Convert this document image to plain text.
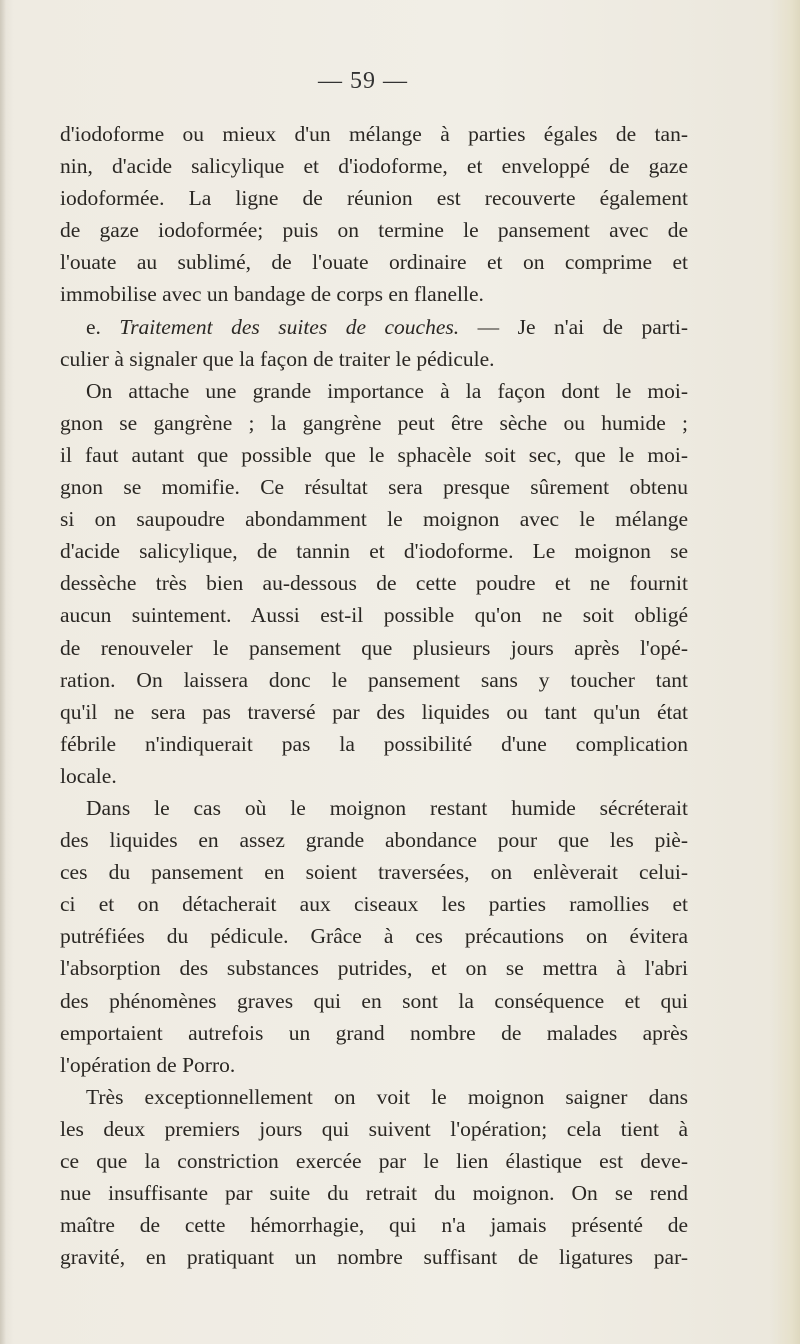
— 59 —
d'iodoforme ou mieux d'un mélange à parties égales de tan-
nin, d'acide salicylique et d'iodoforme, et enveloppé de gaze
iodoformée. La ligne de réunion est recouverte également
de gaze iodoformée; puis on termine le pansement avec de
l'ouate au sublimé, de l'ouate ordinaire et on comprime et
immobilise avec un bandage de corps en flanelle.
e. Traitement des suites de couches. — Je n'ai de parti-
culier à signaler que la façon de traiter le pédicule.
On attache une grande importance à la façon dont le moi-
gnon se gangrène ; la gangrène peut être sèche ou humide ;
il faut autant que possible que le sphacèle soit sec, que le moi-
gnon se momifie. Ce résultat sera presque sûrement obtenu
si on saupoudre abondamment le moignon avec le mélange
d'acide salicylique, de tannin et d'iodoforme. Le moignon se
dessèche très bien au-dessous de cette poudre et ne fournit
aucun suintement. Aussi est-il possible qu'on ne soit obligé
de renouveler le pansement que plusieurs jours après l'opé-
ration. On laissera donc le pansement sans y toucher tant
qu'il ne sera pas traversé par des liquides ou tant qu'un état
fébrile n'indiquerait pas la possibilité d'une complication
locale.
Dans le cas où le moignon restant humide sécréterait
des liquides en assez grande abondance pour que les piè-
ces du pansement en soient traversées, on enlèverait celui-
ci et on détacherait aux ciseaux les parties ramollies et
putréfiées du pédicule. Grâce à ces précautions on évitera
l'absorption des substances putrides, et on se mettra à l'abri
des phénomènes graves qui en sont la conséquence et qui
emportaient autrefois un grand nombre de malades après
l'opération de Porro.
Très exceptionnellement on voit le moignon saigner dans
les deux premiers jours qui suivent l'opération; cela tient à
ce que la constriction exercée par le lien élastique est deve-
nue insuffisante par suite du retrait du moignon. On se rend
maître de cette hémorrhagie, qui n'a jamais présenté de
gravité, en pratiquant un nombre suffisant de ligatures par-
